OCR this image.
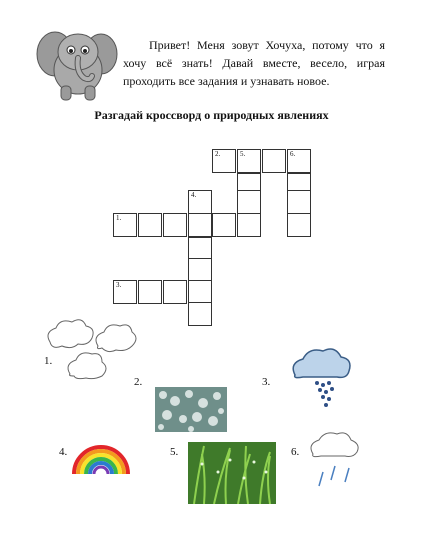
Привет! Меня зовут Хочуха, потому что я хочу всё знать! Давай вместе, весело, играя проходить все задания и узнавать новое.
Разгадай кроссворд о природных явлениях
2.	5.	6.
4.
1.
3.
1.
2.	3.
4.	5.	6.
